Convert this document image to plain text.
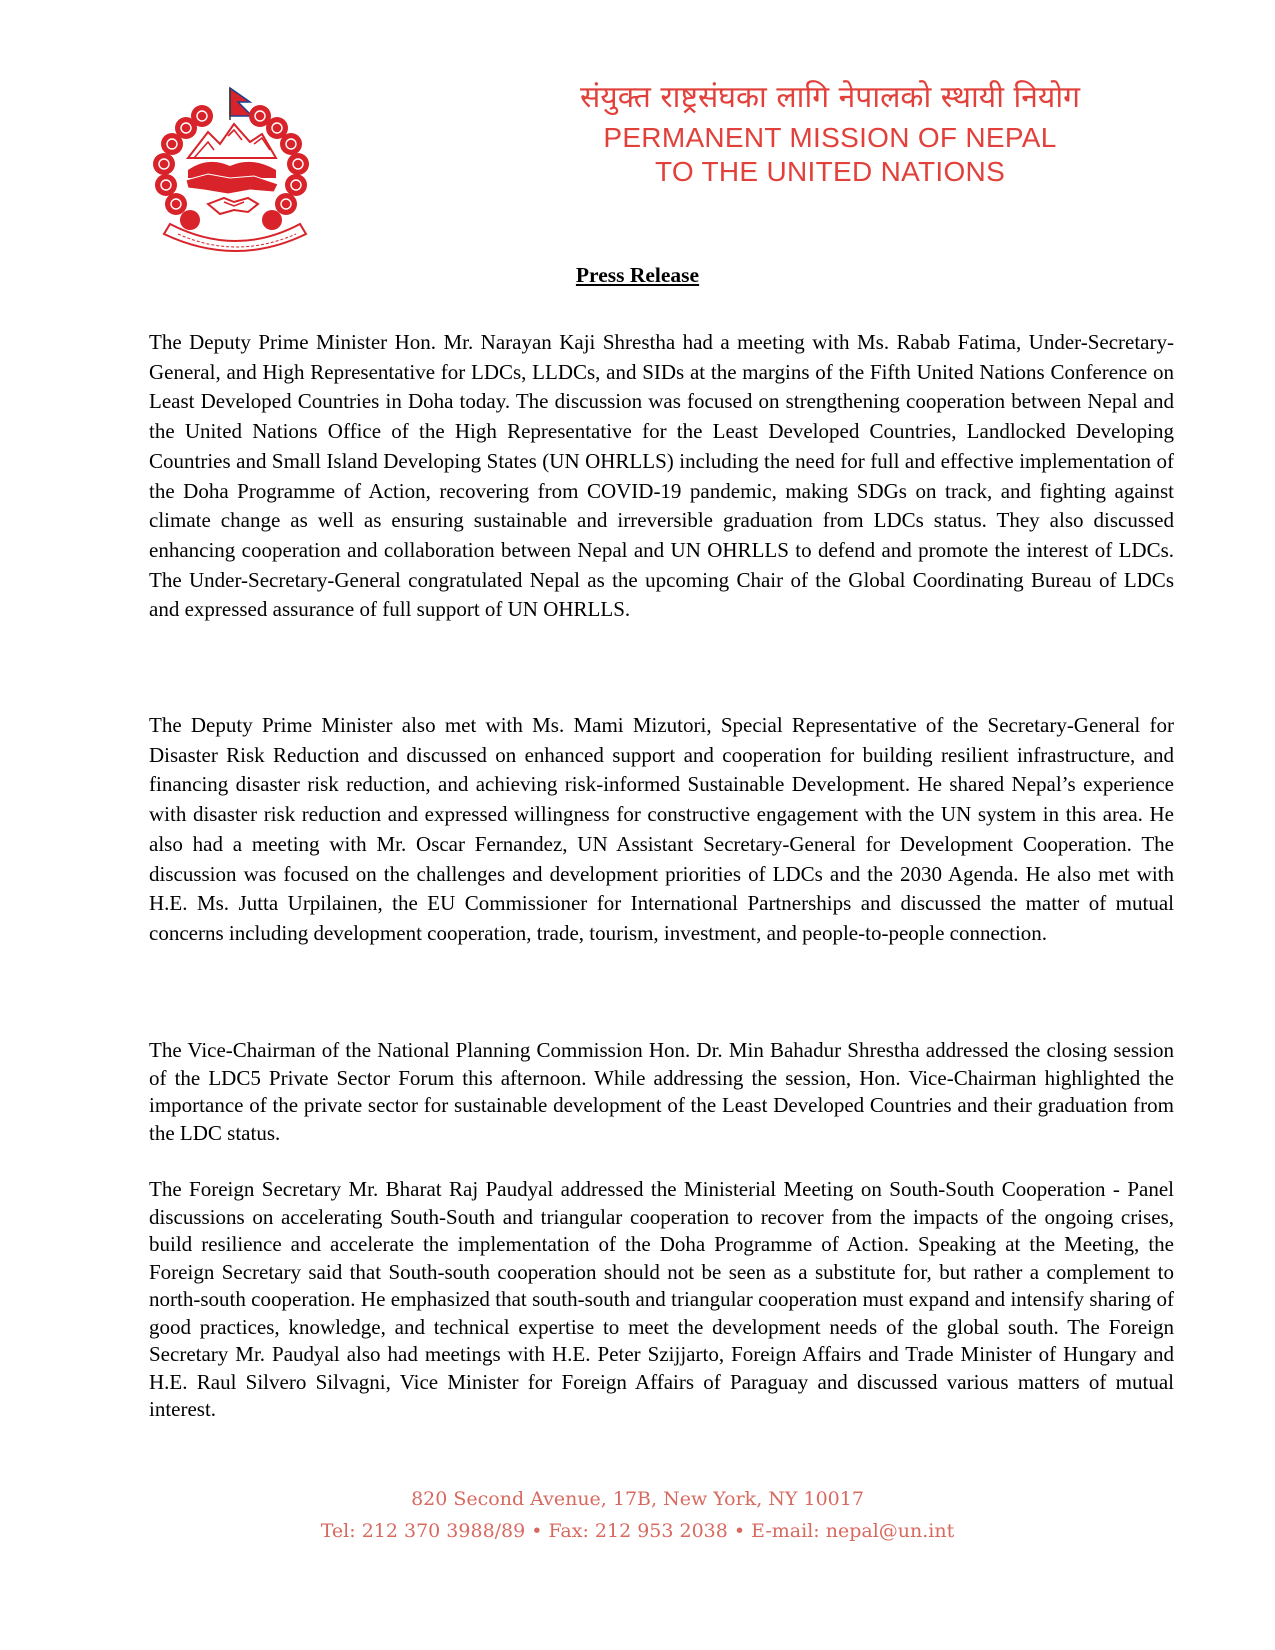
संयुक्त राष्ट्रसंघका लागि नेपालको स्थायी नियोग
PERMANENT MISSION OF NEPAL
TO THE UNITED NATIONS
Press Release

The Deputy Prime Minister Hon. Mr. Narayan Kaji Shrestha had a meeting with Ms. Rabab Fatima, Under-Secretary-General, and High Representative for LDCs, LLDCs, and SIDs at the margins of the Fifth United Nations Conference on Least Developed Countries in Doha today. The discussion was focused on strengthening cooperation between Nepal and the United Nations Office of the High Representative for the Least Developed Countries, Landlocked Developing Countries and Small Island Developing States (UN OHRLLS) including the need for full and effective implementation of the Doha Programme of Action, recovering from COVID-19 pandemic, making SDGs on track, and fighting against climate change as well as ensuring sustainable and irreversible graduation from LDCs status. They also discussed enhancing cooperation and collaboration between Nepal and UN OHRLLS to defend and promote the interest of LDCs. The Under-Secretary-General congratulated Nepal as the upcoming Chair of the Global Coordinating Bureau of LDCs and expressed assurance of full support of UN OHRLLS.

The Deputy Prime Minister also met with Ms. Mami Mizutori, Special Representative of the Secretary-General for Disaster Risk Reduction and discussed on enhanced support and cooperation for building resilient infrastructure, and financing disaster risk reduction, and achieving risk-informed Sustainable Development. He shared Nepal’s experience with disaster risk reduction and expressed willingness for constructive engagement with the UN system in this area. He also had a meeting with Mr. Oscar Fernandez, UN Assistant Secretary-General for Development Cooperation. The discussion was focused on the challenges and development priorities of LDCs and the 2030 Agenda. He also met with H.E. Ms. Jutta Urpilainen, the EU Commissioner for International Partnerships and discussed the matter of mutual concerns including development cooperation, trade, tourism, investment, and people-to-people connection.

The Vice-Chairman of the National Planning Commission Hon. Dr. Min Bahadur Shrestha addressed the closing session of the LDC5 Private Sector Forum this afternoon. While addressing the session, Hon. Vice-Chairman highlighted the importance of the private sector for sustainable development of the Least Developed Countries and their graduation from the LDC status.

The Foreign Secretary Mr. Bharat Raj Paudyal addressed the Ministerial Meeting on South-South Cooperation - Panel discussions on accelerating South-South and triangular cooperation to recover from the impacts of the ongoing crises, build resilience and accelerate the implementation of the Doha Programme of Action. Speaking at the Meeting, the Foreign Secretary said that South-south cooperation should not be seen as a substitute for, but rather a complement to north-south cooperation. He emphasized that south-south and triangular cooperation must expand and intensify sharing of good practices, knowledge, and technical expertise to meet the development needs of the global south. The Foreign Secretary Mr. Paudyal also had meetings with H.E. Peter Szijjarto, Foreign Affairs and Trade Minister of Hungary and H.E. Raul Silvero Silvagni, Vice Minister for Foreign Affairs of Paraguay and discussed various matters of mutual interest.

820 Second Avenue, 17B, New York, NY 10017
Tel: 212 370 3988/89 • Fax: 212 953 2038 • E-mail: nepal@un.int
